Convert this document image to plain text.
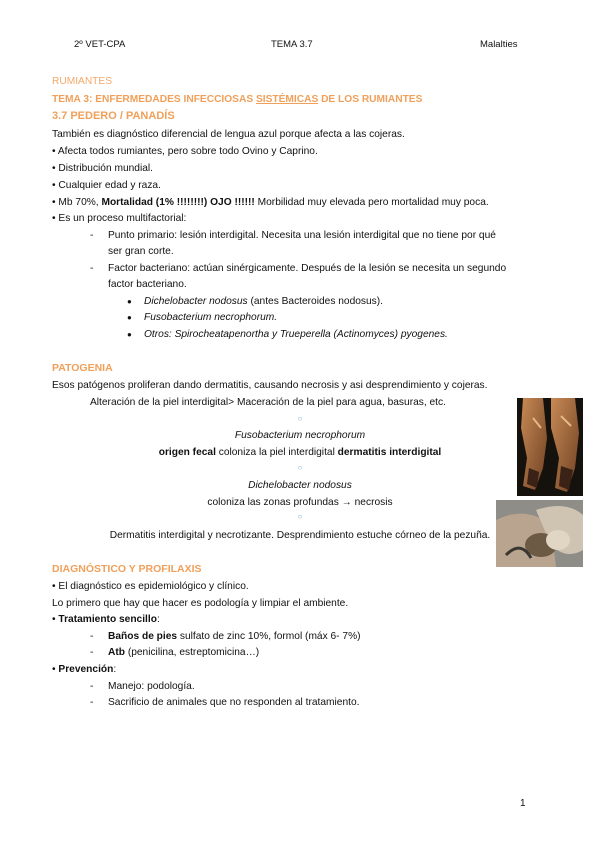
2º VET-CPA	TEMA 3.7	Malalties
RUMIANTES
TEMA 3: ENFERMEDADES INFECCIOSAS SISTÉMICAS DE LOS RUMIANTES
3.7 PEDERO / PANADÍS
También es diagnóstico diferencial de lengua azul porque afecta a las cojeras.
• Afecta todos rumiantes, pero sobre todo Ovino y Caprino.
• Distribución mundial.
• Cualquier edad y raza.
• Mb 70%, Mortalidad (1% !!!!!!!!) OJO !!!!!! Morbilidad muy elevada pero mortalidad muy poca.
• Es un proceso multifactorial:
- Punto primario: lesión interdigital. Necesita una lesión interdigital que no tiene por qué
ser gran corte.
- Factor bacteriano: actúan sinérgicamente. Después de la lesión se necesita un segundo
factor bacteriano.
● Dichelobacter nodosus (antes Bacteroides nodosus).
● Fusobacterium necrophorum.
● Otros: Spirocheatapenortha y Trueperella (Actinomyces) pyogenes.
PATOGENIA
Esos patógenos proliferan dando dermatitis, causando necrosis y asi desprendimiento y cojeras.
Alteración de la piel interdigital> Maceración de la piel para agua, basuras, etc.
○
Fusobacterium necrophorum
origen fecal coloniza la piel interdigital dermatitis interdigital
○
Dichelobacter nodosus
coloniza las zonas profundas → necrosis
○
Dermatitis interdigital y necrotizante. Desprendimiento estuche córneo de la pezuña.
DIAGNÓSTICO Y PROFILAXIS
• El diagnóstico es epidemiológico y clínico.
Lo primero que hay que hacer es podología y limpiar el ambiente.
• Tratamiento sencillo:
- Baños de pies sulfato de zinc 10%, formol (máx 6- 7%)
- Atb (penicilina, estreptomicina…)
• Prevención:
- Manejo: podología.
- Sacrificio de animales que no responden al tratamiento.
1
